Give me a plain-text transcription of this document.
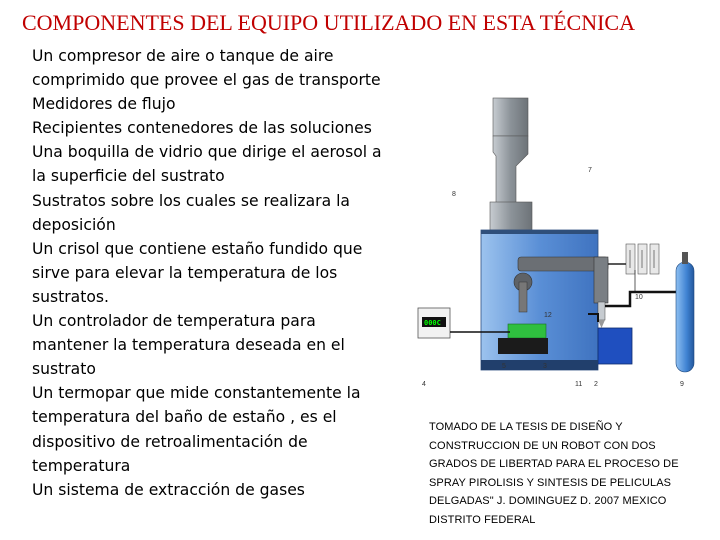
COMPONENTES DEL EQUIPO UTILIZADO EN ESTA TÉCNICA
Un compresor de aire o tanque de aire
comprimido que provee el gas de transporte
Medidores de flujo
Recipientes contenedores de las soluciones
Una boquilla de vidrio que dirige el aerosol a
la superficie del sustrato
Sustratos sobre los cuales se realizara la
deposición
Un crisol que contiene estaño fundido que
sirve para elevar la temperatura de los
sustratos.
Un controlador de temperatura para
mantener la temperatura deseada en el
sustrato
Un termopar que mide constantemente la
temperatura del baño de estaño , es el
dispositivo de retroalimentación de
temperatura
Un sistema de extracción de gases
000C
8
7
10
12
4
5	3
11 2	9
TOMADO DE LA TESIS DE DISEÑO Y
CONSTRUCCION DE UN ROBOT CON DOS
GRADOS DE LIBERTAD PARA EL PROCESO DE
SPRAY PIROLISIS Y SINTESIS DE PELICULAS
DELGADAS" J. DOMINGUEZ D. 2007 MEXICO
DISTRITO FEDERAL
